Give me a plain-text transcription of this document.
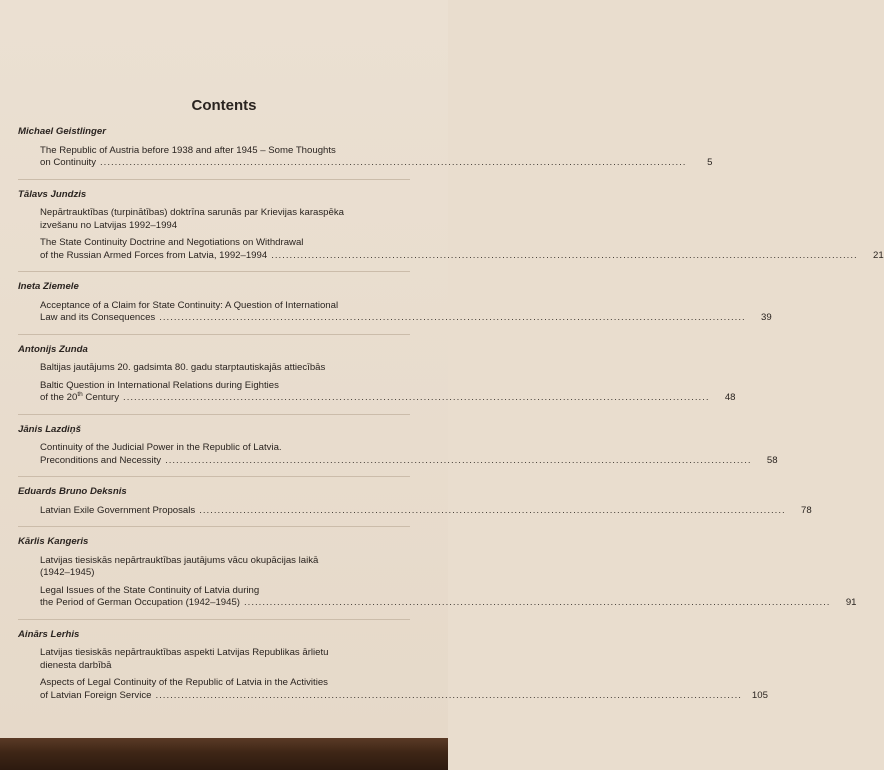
Contents
Michael Geistlinger
The Republic of Austria before 1938 and after 1945 – Some Thoughts
on Continuity ................................................................................................................................................................	5
Tālavs Jundzis
Nepārtrauktības (turpinātības) doktrīna sarunās par Krievijas karaspēka
izvešanu no Latvijas 1992–1994
The State Continuity Doctrine and Negotiations on Withdrawal
of the Russian Armed Forces from Latvia, 1992–1994 ................................................................................................................................................................	21
Ineta Ziemele
Acceptance of a Claim for State Continuity: A Question of International
Law and its Consequences ................................................................................................................................................................	39
Antonijs Zunda
Baltijas jautājums 20. gadsimta 80. gadu starptautiskajās attiecībās
Baltic Question in International Relations during Eighties
of the 20th Century ................................................................................................................................................................	48
Jānis Lazdiņš
Continuity of the Judicial Power in the Republic of Latvia.
Preconditions and Necessity ................................................................................................................................................................	58
Eduards Bruno Deksnis
Latvian Exile Government Proposals ................................................................................................................................................................	78
Kārlis Kangeris
Latvijas tiesiskās nepārtrauktības jautājums vācu okupācijas laikā
(1942–1945)
Legal Issues of the State Continuity of Latvia during
the Period of German Occupation (1942–1945) ................................................................................................................................................................	91
Ainārs Lerhis
Latvijas tiesiskās nepārtrauktības aspekti Latvijas Republikas ārlietu
dienesta darbībā
Aspects of Legal Continuity of the Republic of Latvia in the Activities
of Latvian Foreign Service ................................................................................................................................................................	105
